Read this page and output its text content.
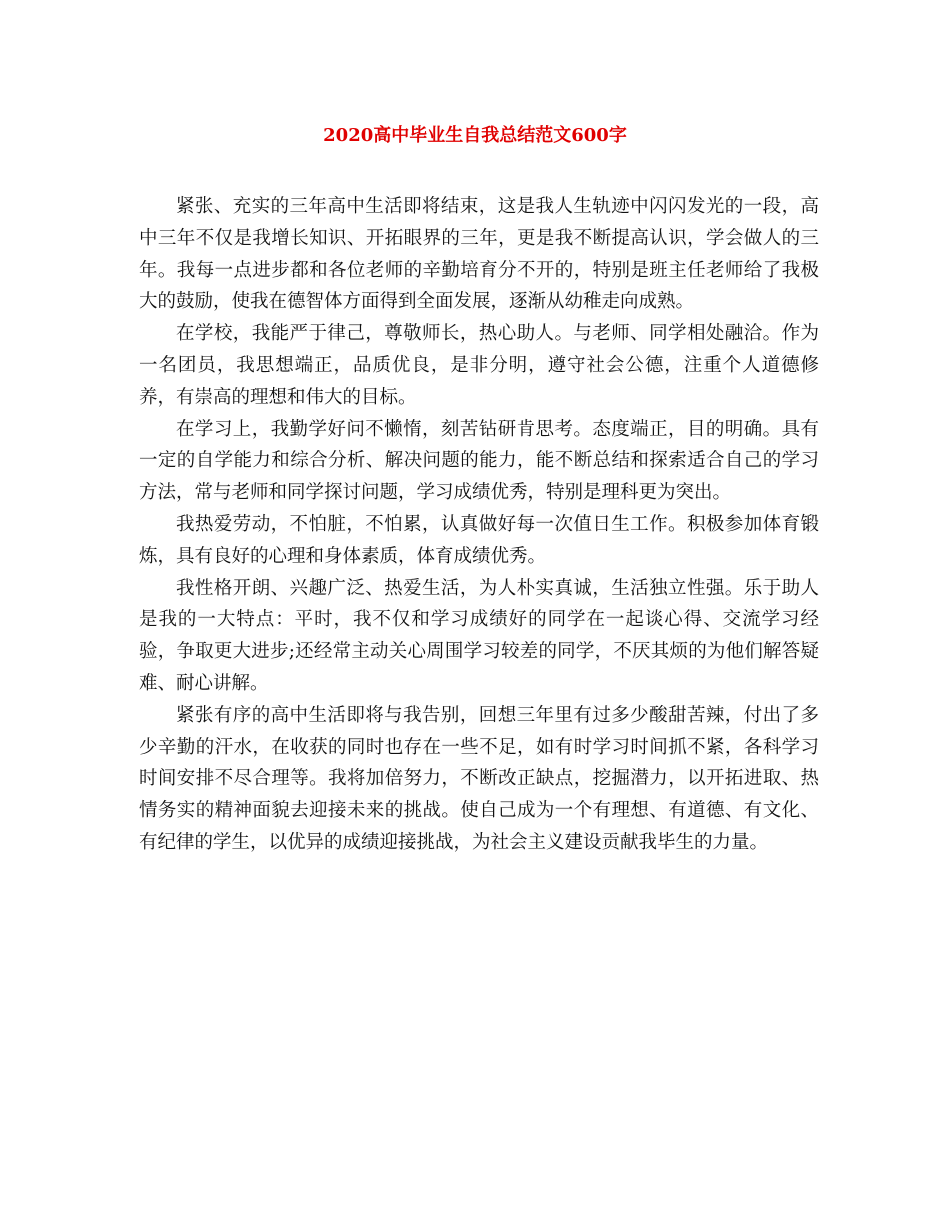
2020高中毕业生自我总结范文600字

紧张、充实的三年高中生活即将结束，这是我人生轨迹中闪闪发光的一段，高中三年不仅是我增长知识、开拓眼界的三年，更是我不断提高认识，学会做人的三年。我每一点进步都和各位老师的辛勤培育分不开的，特别是班主任老师给了我极大的鼓励，使我在德智体方面得到全面发展，逐渐从幼稚走向成熟。

在学校，我能严于律己，尊敬师长，热心助人。与老师、同学相处融洽。作为一名团员，我思想端正，品质优良，是非分明，遵守社会公德，注重个人道德修养，有崇高的理想和伟大的目标。

在学习上，我勤学好问不懒惰，刻苦钻研肯思考。态度端正，目的明确。具有一定的自学能力和综合分析、解决问题的能力，能不断总结和探索适合自己的学习方法，常与老师和同学探讨问题，学习成绩优秀，特别是理科更为突出。

我热爱劳动，不怕脏，不怕累，认真做好每一次值日生工作。积极参加体育锻炼，具有良好的心理和身体素质，体育成绩优秀。

我性格开朗、兴趣广泛、热爱生活，为人朴实真诚，生活独立性强。乐于助人是我的一大特点：平时，我不仅和学习成绩好的同学在一起谈心得、交流学习经验，争取更大进步;还经常主动关心周围学习较差的同学，不厌其烦的为他们解答疑难、耐心讲解。

紧张有序的高中生活即将与我告别，回想三年里有过多少酸甜苦辣，付出了多少辛勤的汗水，在收获的同时也存在一些不足，如有时学习时间抓不紧，各科学习时间安排不尽合理等。我将加倍努力，不断改正缺点，挖掘潜力，以开拓进取、热情务实的精神面貌去迎接未来的挑战。使自己成为一个有理想、有道德、有文化、有纪律的学生，以优异的成绩迎接挑战，为社会主义建设贡献我毕生的力量。
